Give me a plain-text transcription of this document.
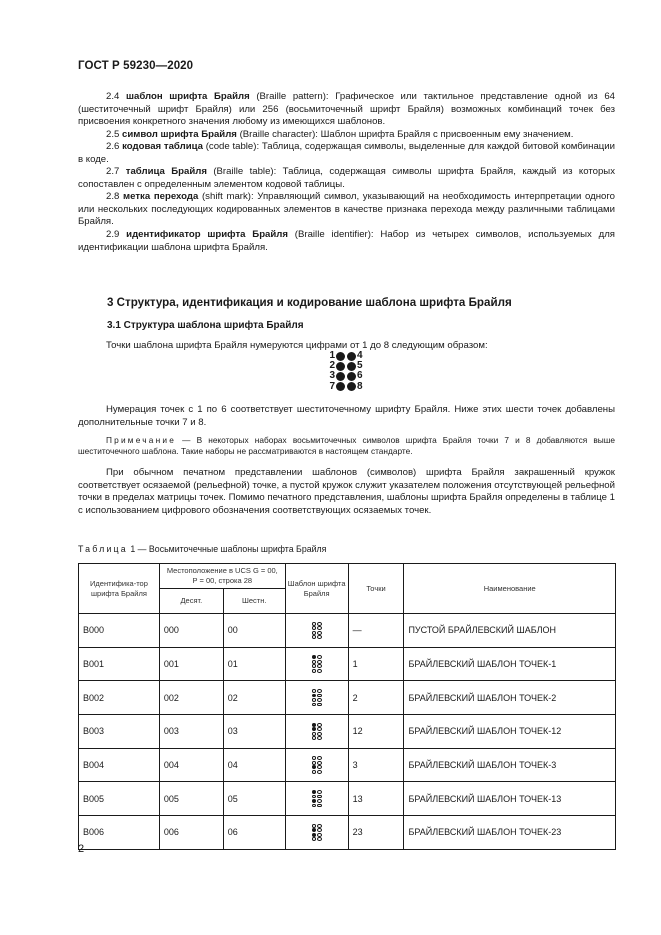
ГОСТ Р 59230—2020

2.4 шаблон шрифта Брайля (Braille pattern): Графическое или тактильное представление одной из 64 (шеститочечный шрифт Брайля) или 256 (восьмиточечный шрифт Брайля) возможных комбинаций точек без присвоения конкретного значения любому из имеющихся шаблонов.

2.5 символ шрифта Брайля (Braille character): Шаблон шрифта Брайля с присвоенным ему значением.

2.6 кодовая таблица (code table): Таблица, содержащая символы, выделенные для каждой битовой комбинации в коде.

2.7 таблица Брайля (Braille table): Таблица, содержащая символы шрифта Брайля, каждый из которых сопоставлен с определенным элементом кодовой таблицы.

2.8 метка перехода (shift mark): Управляющий символ, указывающий на необходимость интерпретации одного или нескольких последующих кодированных элементов в качестве признака перехода между различными таблицами Брайля.

2.9 идентификатор шрифта Брайля (Braille identifier): Набор из четырех символов, используемых для идентификации шаблона шрифта Брайля.

3 Структура, идентификация и кодирование шаблона шрифта Брайля
3.1 Структура шаблона шрифта Брайля

Точки шаблона шрифта Брайля нумеруются цифрами от 1 до 8 следующим образом:

1 4
2 5
3 6
7 8

Нумерация точек с 1 по 6 соответствует шеститочечному шрифту Брайля. Ниже этих шести точек добавлены дополнительные точки 7 и 8.

Примечание — В некоторых наборах восьмиточечных символов шрифта Брайля точки 7 и 8 добавляются выше шеститочечного шаблона. Такие наборы не рассматриваются в настоящем стандарте.

При обычном печатном представлении шаблонов (символов) шрифта Брайля закрашенный кружок соответствует осязаемой (рельефной) точке, а пустой кружок служит указателем положения отсутствующей рельефной точки в пределах матрицы точек. Помимо печатного представления, шаблоны шрифта Брайля определены в таблице 1 с использованием цифрового обозначения соответствующих осязаемых точек.

Таблица 1 — Восьмиточечные шаблоны шрифта Брайля
Идентифика-тор шрифта Брайля	Местоположение в UCS G = 00, P = 00, строка 28		Шаблон шрифта Брайля	Точки	Наименование
	Десят.	Шестн.			
B000	000	00		—	ПУСТОЙ БРАЙЛЕВСКИЙ ШАБЛОН
B001	001	01		1	БРАЙЛЕВСКИЙ ШАБЛОН ТОЧЕК-1
B002	002	02		2	БРАЙЛЕВСКИЙ ШАБЛОН ТОЧЕК-2
B003	003	03		12	БРАЙЛЕВСКИЙ ШАБЛОН ТОЧЕК-12
B004	004	04		3	БРАЙЛЕВСКИЙ ШАБЛОН ТОЧЕК-3
B005	005	05		13	БРАЙЛЕВСКИЙ ШАБЛОН ТОЧЕК-13
B006	006	06		23	БРАЙЛЕВСКИЙ ШАБЛОН ТОЧЕК-23
2
